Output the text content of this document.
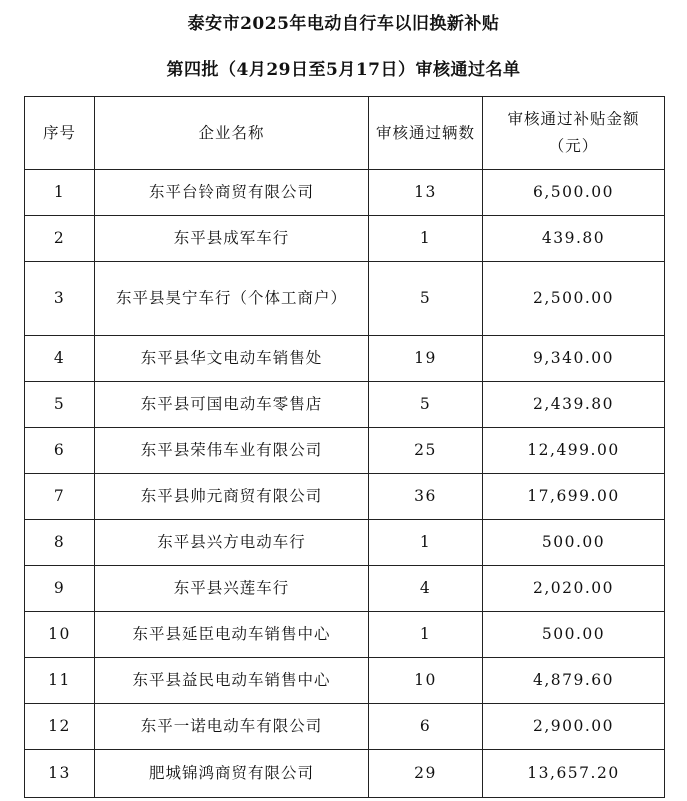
泰安市2025年电动自行车以旧换新补贴
第四批（4月29日至5月17日）审核通过名单
序号	企业名称	审核通过辆数	审核通过补贴金额（元）
1	东平台铃商贸有限公司	13	6,500.00
2	东平县成军车行	1	439.80
3	东平县昊宁车行（个体工商户）	5	2,500.00
4	东平县华文电动车销售处	19	9,340.00
5	东平县可国电动车零售店	5	2,439.80
6	东平县荣伟车业有限公司	25	12,499.00
7	东平县帅元商贸有限公司	36	17,699.00
8	东平县兴方电动车行	1	500.00
9	东平县兴莲车行	4	2,020.00
10	东平县延臣电动车销售中心	1	500.00
11	东平县益民电动车销售中心	10	4,879.60
12	东平一诺电动车有限公司	6	2,900.00
13	肥城锦鸿商贸有限公司	29	13,657.20
